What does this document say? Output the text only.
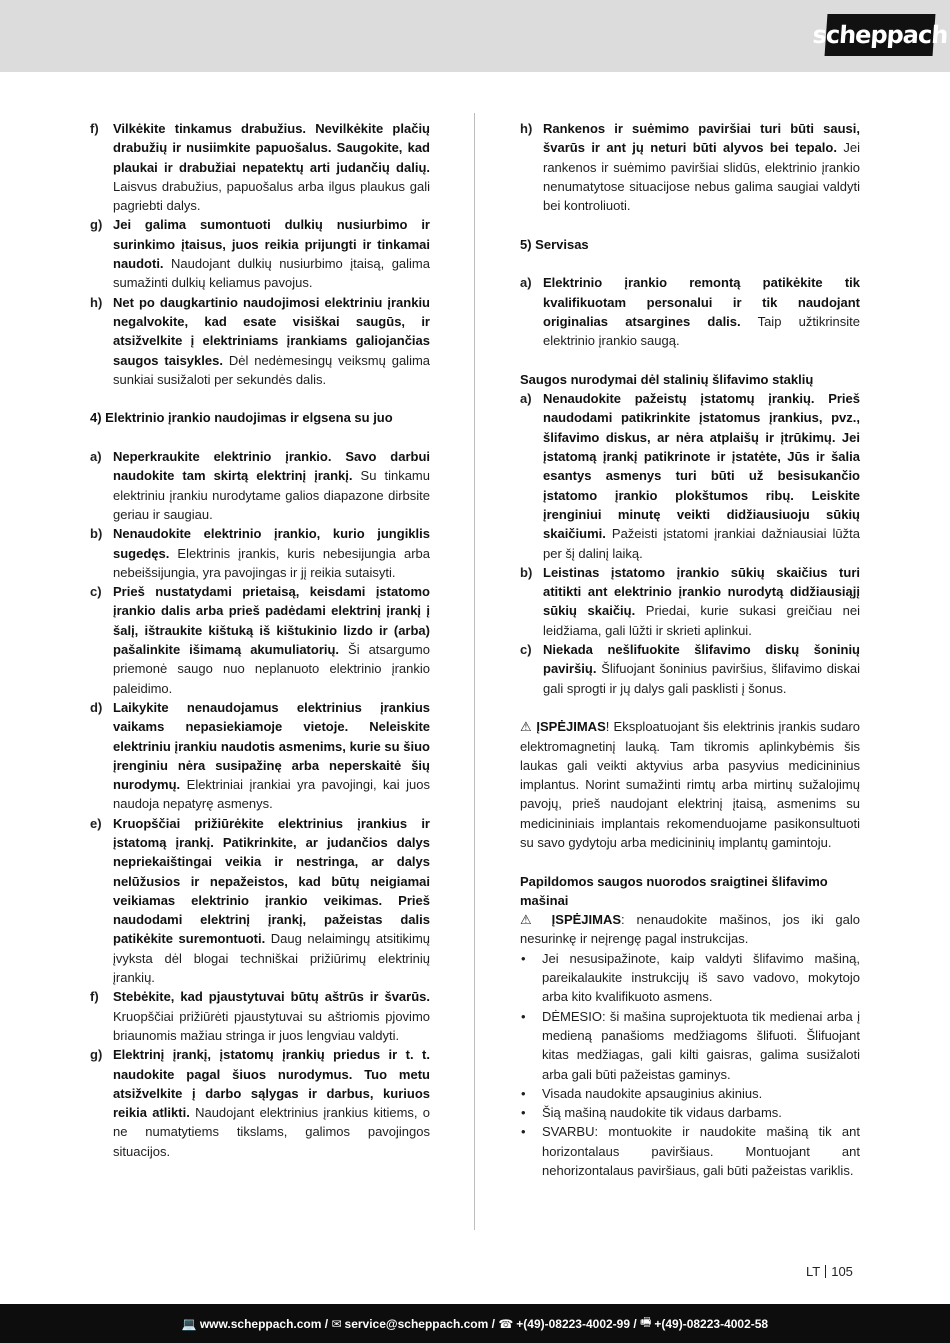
scheppach
f)	Vilkėkite tinkamus drabužius. Nevilkėkite plačių drabužių ir nusiimkite papuošalus. Saugokite, kad plaukai ir drabužiai nepatektų arti judančių dalių. Laisvus drabužius, papuošalus arba ilgus plaukus gali pagriebti dalys.
g) Jei galima sumontuoti dulkių nusiurbimo ir surinkimo įtaisus, juos reikia prijungti ir tinkamai naudoti. Naudojant dulkių nusiurbimo įtaisą, galima sumažinti dulkių keliamus pavojus.
h) Net po daugkartinio naudojimosi elektriniu įrankiu negalvokite, kad esate visiškai saugūs, ir atsižvelkite į elektriniams įrankiams galiojančias saugos taisykles. Dėl nedėmesingų veiksmų galima sunkiai susižaloti per sekundės dalis.

4) Elektrinio įrankio naudojimas ir elgsena su juo

a) Neperkraukite elektrinio įrankio. Savo darbui naudokite tam skirtą elektrinį įrankį. Su tinkamu elektriniu įrankiu nurodytame galios diapazone dirbsite geriau ir saugiau.
b) Nenaudokite elektrinio įrankio, kurio jungiklis sugedęs. Elektrinis įrankis, kuris nebesijungia arba nebeišsijungia, yra pavojingas ir jį reikia sutaisyti.
c) Prieš nustatydami prietaisą, keisdami įstatomo įrankio dalis arba prieš padėdami elektrinį įrankį į šalį, ištraukite kištuką iš kištukinio lizdo ir (arba) pašalinkite išimamą akumuliatorių. Ši atsargumo priemonė saugo nuo neplanuoto elektrinio įrankio paleidimo.
d) Laikykite nenaudojamus elektrinius įrankius vaikams nepasiekiamoje vietoje. Neleiskite elektriniu įrankiu naudotis asmenims, kurie su šiuo įrenginiu nėra susipažinę arba neperskaitė šių nurodymų. Elektriniai įrankiai yra pavojingi, kai juos naudoja nepatyrę asmenys.
e) Kruopščiai prižiūrėkite elektrinius įrankius ir įstatomą įrankį. Patikrinkite, ar judančios dalys nepriekaištingai veikia ir nestringa, ar dalys nelūžusios ir nepažeistos, kad būtų neigiamai veikiamas elektrinio įrankio veikimas. Prieš naudodami elektrinį įrankį, pažeistas dalis patikėkite suremontuoti. Daug nelaimingų atsitikimų įvyksta dėl blogai techniškai prižiūrimų elektrinių įrankių.
f)	Stebėkite, kad pjaustytuvai būtų aštrūs ir švarūs. Kruopščiai prižiūrėti pjaustytuvai su aštriomis pjovimo briaunomis mažiau stringa ir juos lengviau valdyti.
g) Elektrinį įrankį, įstatomų įrankių priedus ir t. t. naudokite pagal šiuos nurodymus. Tuo metu atsižvelkite į darbo sąlygas ir darbus, kuriuos reikia atlikti. Naudojant elektrinius įrankius kitiems, o ne numatytiems tikslams, galimos pavojingos situacijos.
h) Rankenos ir suėmimo paviršiai turi būti sausi, švarūs ir ant jų neturi būti alyvos bei tepalo. Jei rankenos ir suėmimo paviršiai slidūs, elektrinio įrankio nenumatytose situacijose nebus galima saugiai valdyti bei kontroliuoti.

5) Servisas

a) Elektrinio įrankio remontą patikėkite tik kvalifikuotam personalui ir tik naudojant originalias atsargines dalis. Taip užtikrinsite elektrinio įrankio saugą.

Saugos nurodymai dėl stalinių šlifavimo staklių

a) Nenaudokite pažeistų įstatomų įrankių. Prieš naudodami patikrinkite įstatomus įrankius, pvz., šlifavimo diskus, ar nėra atplaišų ir įtrūkimų. Jei įstatomą įrankį patikrinote ir įstatėte, Jūs ir šalia esantys asmenys turi būti už besisukančio įstatomo įrankio plokštumos ribų. Leiskite įrenginiui minutę veikti didžiausiuoju sūkių skaičiumi. Pažeisti įstatomi įrankiai dažniausiai lūžta per šį dalinį laiką.
b) Leistinas įstatomo įrankio sūkių skaičius turi atitikti ant elektrinio įrankio nurodytą didžiausiąjį sūkių skaičių. Priedai, kurie sukasi greičiau nei leidžiama, gali lūžti ir skrieti aplinkui.
c) Niekada nešlifuokite šlifavimo diskų šoninių paviršių. Šlifuojant šoninius paviršius, šlifavimo diskai gali sprogti ir jų dalys gali pasklisti į šonus.

⚠ ĮSPĖJIMAS! Eksploatuojant šis elektrinis įrankis sudaro elektromagnetinį lauką. Tam tikromis aplinkybėmis šis laukas gali veikti aktyvius arba pasyvius medicininius implantus. Norint sumažinti rimtų arba mirtinų sužalojimų pavojų, prieš naudojant elektrinį įtaisą, asmenims su medicininiais implantais rekomenduojame pasikonsultuoti su savo gydytoju arba medicininių implantų gamintoju.

Papildomos saugos nuorodos sraigtinei šlifavimo mašinai

⚠ ĮSPĖJIMAS: nenaudokite mašinos, jos iki galo nesurinkę ir neįrengę pagal instrukcijas.

•	Jei nesusipažinote, kaip valdyti šlifavimo mašiną, pareikalaukite instrukcijų iš savo vadovo, mokytojo arba kito kvalifikuoto asmens.
•	DĖMESIO: ši mašina suprojektuota tik medienai arba į medieną panašioms medžiagoms šlifuoti. Šlifuojant kitas medžiagas, gali kilti gaisras, galima susižaloti arba gali būti pažeistas gaminys.
•	Visada naudokite apsauginius akinius.
•	Šią mašiną naudokite tik vidaus darbams.
•	SVARBU: montuokite ir naudokite mašiną tik ant horizontalaus paviršiaus. Montuojant ant nehorizontalaus paviršiaus, gali būti pažeistas variklis.
LT 105
💻 www.scheppach.com / ✉ service@scheppach.com / ☎ +(49)-08223-4002-99 / 🖷 +(49)-08223-4002-58
